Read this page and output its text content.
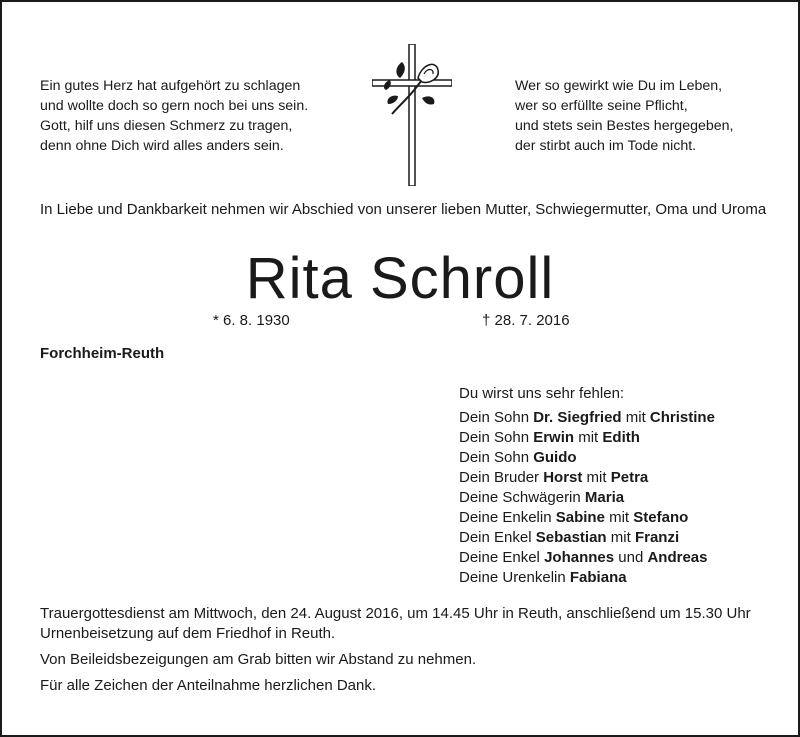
Ein gutes Herz hat aufgehört zu schlagen
und wollte doch so gern noch bei uns sein.
Gott, hilf uns diesen Schmerz zu tragen,
denn ohne Dich wird alles anders sein.
Wer so gewirkt wie Du im Leben,
wer so erfüllte seine Pflicht,
und stets sein Bestes hergegeben,
der stirbt auch im Tode nicht.
In Liebe und Dankbarkeit nehmen wir Abschied von unserer lieben Mutter, Schwiegermutter, Oma und Uroma
Rita Schroll
* 6. 8. 1930	† 28. 7. 2016
Forchheim-Reuth
Du wirst uns sehr fehlen:
Dein Sohn Dr. Siegfried mit Christine
Dein Sohn Erwin mit Edith
Dein Sohn Guido
Dein Bruder Horst mit Petra
Deine Schwägerin Maria
Deine Enkelin Sabine mit Stefano
Dein Enkel Sebastian mit Franzi
Deine Enkel Johannes und Andreas
Deine Urenkelin Fabiana

Trauergottesdienst am Mittwoch, den 24. August 2016, um 14.45 Uhr in Reuth, anschließend um 15.30 Uhr Urnenbeisetzung auf dem Friedhof in Reuth.

Von Beileidsbezeigungen am Grab bitten wir Abstand zu nehmen.

Für alle Zeichen der Anteilnahme herzlichen Dank.
